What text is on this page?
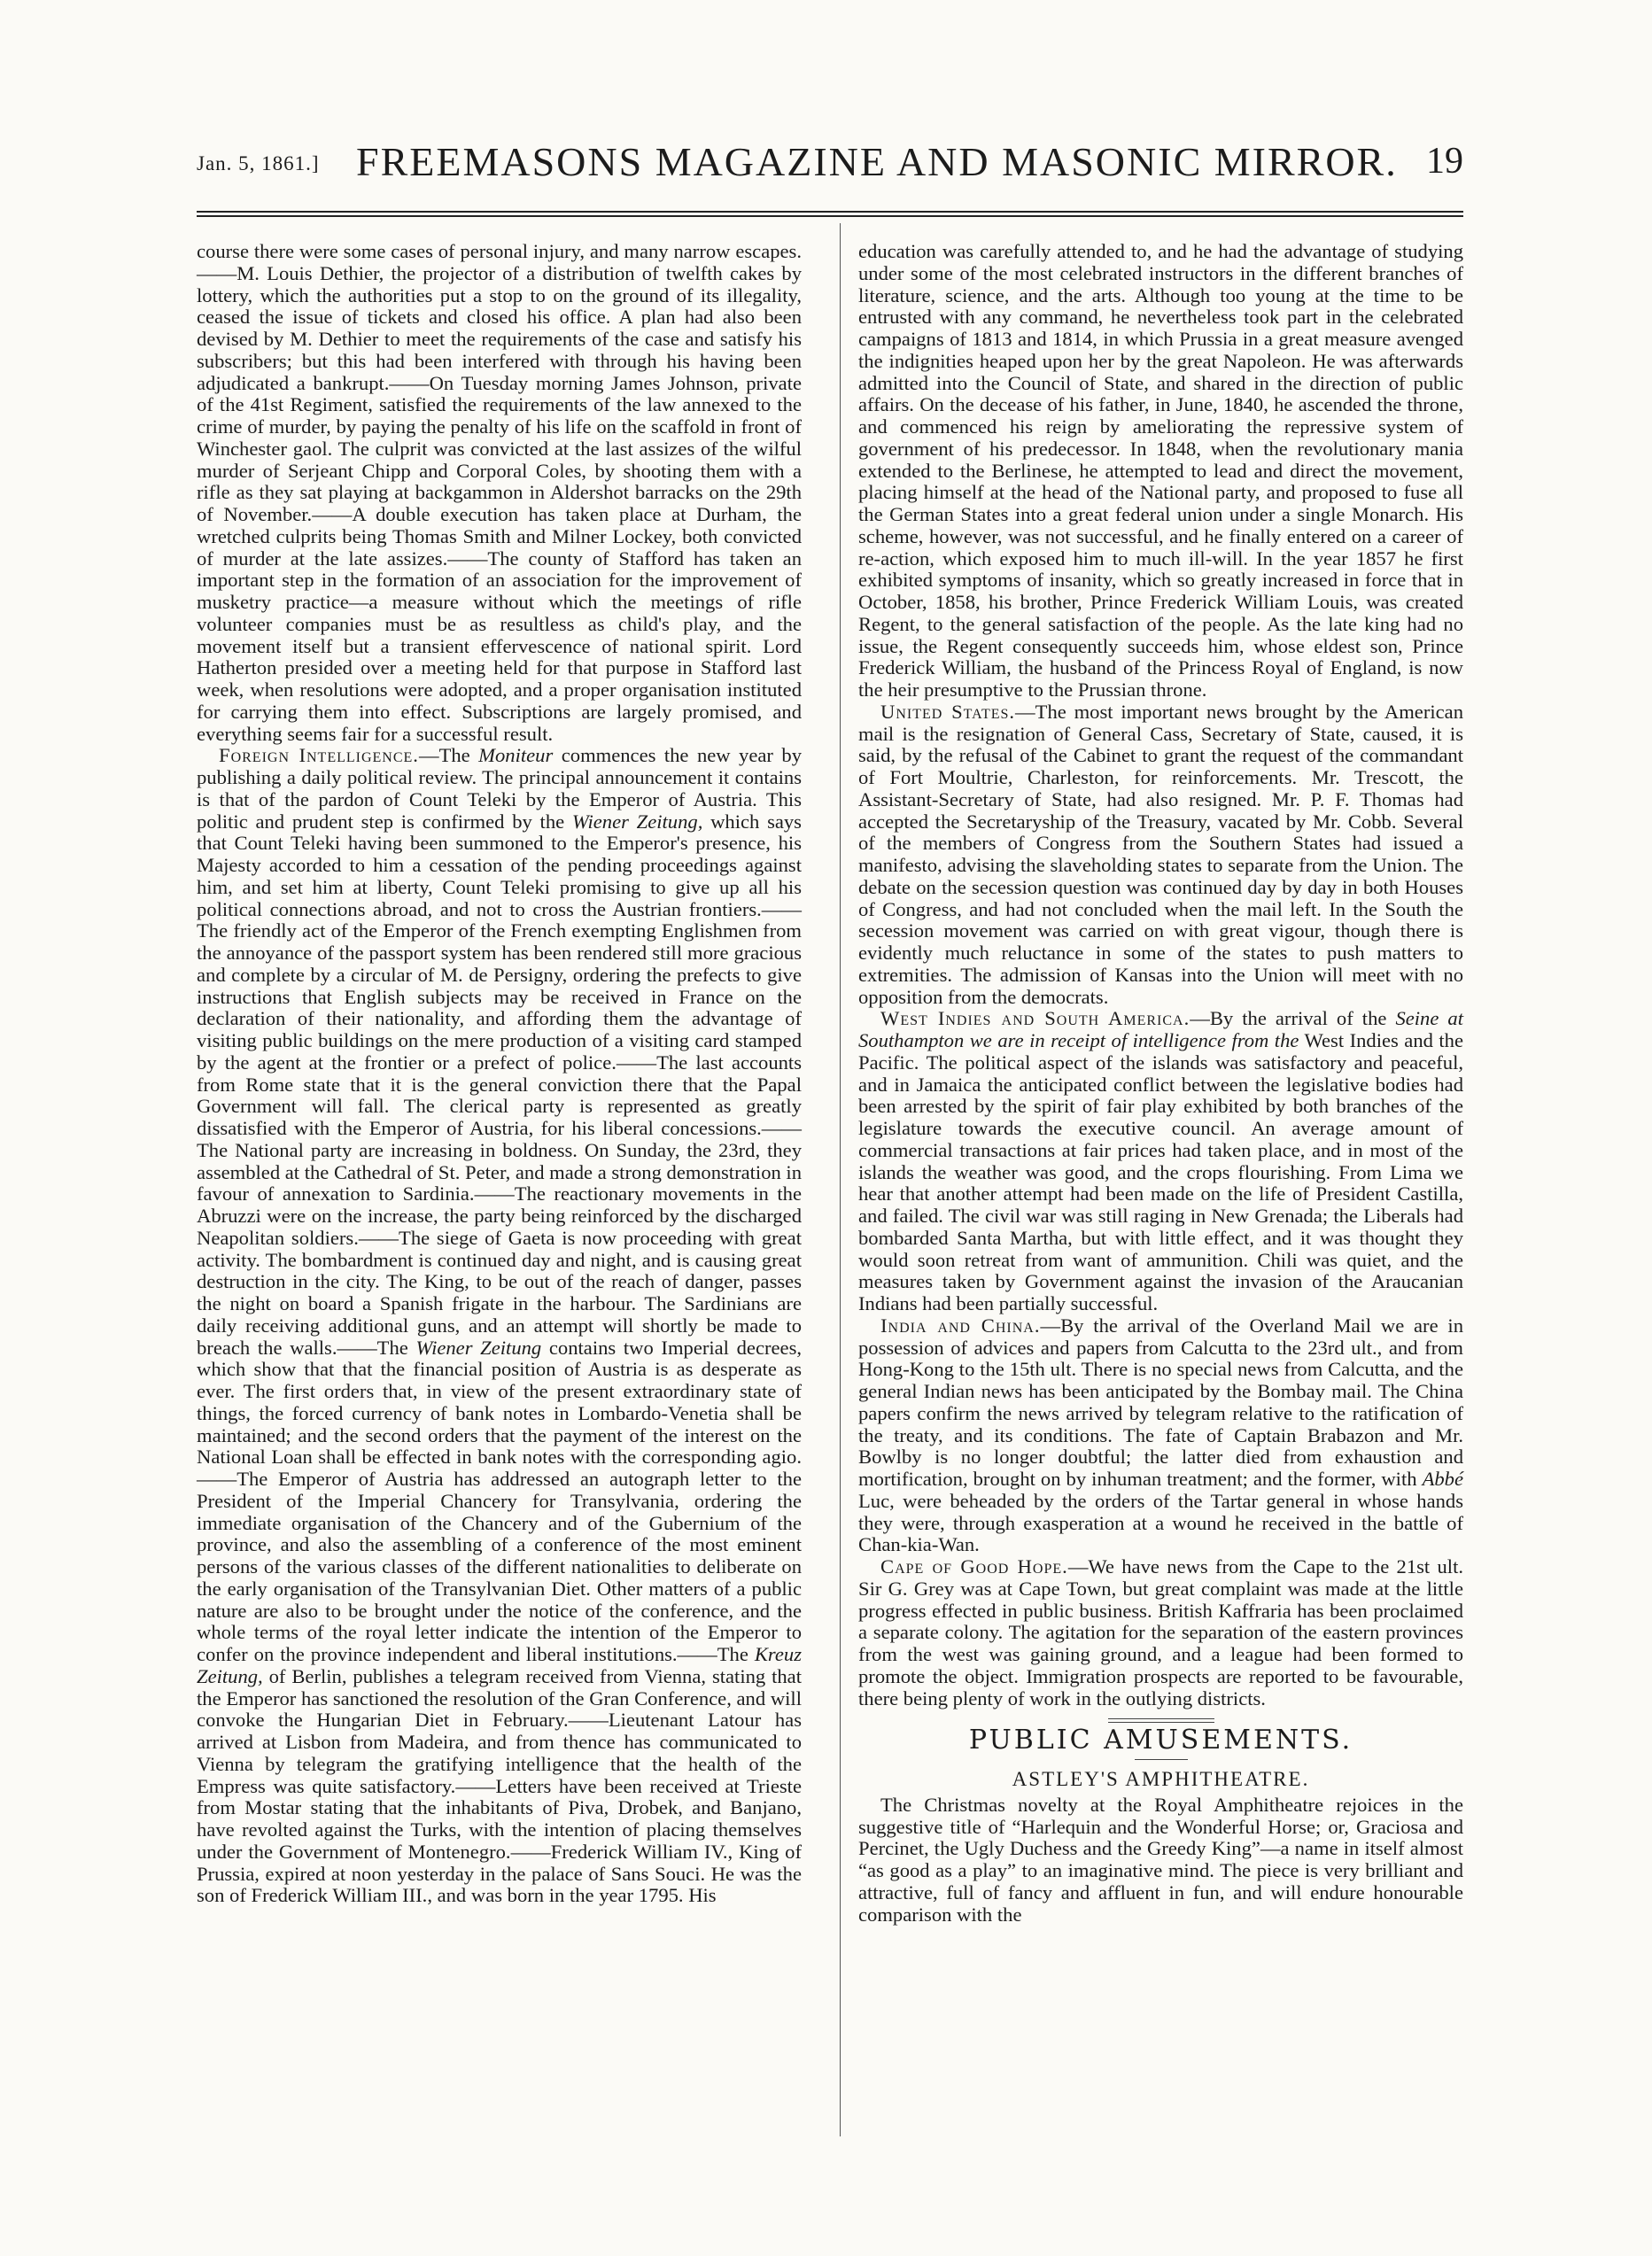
Jan. 5, 1861.] FREEMASONS MAGAZINE AND MASONIC MIRROR. 19

course there were some cases of personal injury, and many narrow escapes.——M. Louis Dethier, the projector of a distribution of twelfth cakes by lottery, which the authorities put a stop to on the ground of its illegality, ceased the issue of tickets and closed his office. A plan had also been devised by M. Dethier to meet the requirements of the case and satisfy his subscribers; but this had been interfered with through his having been adjudicated a bankrupt.——On Tuesday morning James Johnson, private of the 41st Regiment, satisfied the requirements of the law annexed to the crime of murder, by paying the penalty of his life on the scaffold in front of Winchester gaol. The culprit was convicted at the last assizes of the wilful murder of Serjeant Chipp and Corporal Coles, by shooting them with a rifle as they sat playing at backgammon in Aldershot barracks on the 29th of November.——A double execution has taken place at Durham, the wretched culprits being Thomas Smith and Milner Lockey, both convicted of murder at the late assizes.——The county of Stafford has taken an important step in the formation of an association for the improvement of musketry practice—a measure without which the meetings of rifle volunteer companies must be as resultless as child's play, and the movement itself but a transient effervescence of national spirit. Lord Hatherton presided over a meeting held for that purpose in Stafford last week, when resolutions were adopted, and a proper organisation instituted for carrying them into effect. Subscriptions are largely promised, and everything seems fair for a successful result.

Foreign Intelligence.—The Moniteur commences the new year by publishing a daily political review. The principal announcement it contains is that of the pardon of Count Teleki by the Emperor of Austria. This politic and prudent step is confirmed by the Wiener Zeitung, which says that Count Teleki having been summoned to the Emperor's presence, his Majesty accorded to him a cessation of the pending proceedings against him, and set him at liberty, Count Teleki promising to give up all his political connections abroad, and not to cross the Austrian frontiers.——The friendly act of the Emperor of the French exempting Englishmen from the annoyance of the passport system has been rendered still more gracious and complete by a circular of M. de Persigny, ordering the prefects to give instructions that English subjects may be received in France on the declaration of their nationality, and affording them the advantage of visiting public buildings on the mere production of a visiting card stamped by the agent at the frontier or a prefect of police.——The last accounts from Rome state that it is the general conviction there that the Papal Government will fall. The clerical party is represented as greatly dissatisfied with the Emperor of Austria, for his liberal concessions.——The National party are increasing in boldness. On Sunday, the 23rd, they assembled at the Cathedral of St. Peter, and made a strong demonstration in favour of annexation to Sardinia.——The reactionary movements in the Abruzzi were on the increase, the party being reinforced by the discharged Neapolitan soldiers.——The siege of Gaeta is now proceeding with great activity. The bombardment is continued day and night, and is causing great destruction in the city. The King, to be out of the reach of danger, passes the night on board a Spanish frigate in the harbour. The Sardinians are daily receiving additional guns, and an attempt will shortly be made to breach the walls.——The Wiener Zeitung contains two Imperial decrees, which show that that the financial position of Austria is as desperate as ever. The first orders that, in view of the present extraordinary state of things, the forced currency of bank notes in Lombardo-Venetia shall be maintained; and the second orders that the payment of the interest on the National Loan shall be effected in bank notes with the corresponding agio.——The Emperor of Austria has addressed an autograph letter to the President of the Imperial Chancery for Transylvania, ordering the immediate organisation of the Chancery and of the Gubernium of the province, and also the assembling of a conference of the most eminent persons of the various classes of the different nationalities to deliberate on the early organisation of the Transylvanian Diet. Other matters of a public nature are also to be brought under the notice of the conference, and the whole terms of the royal letter indicate the intention of the Emperor to confer on the province independent and liberal institutions.——The Kreuz Zeitung, of Berlin, publishes a telegram received from Vienna, stating that the Emperor has sanctioned the resolution of the Gran Conference, and will convoke the Hungarian Diet in February.——Lieutenant Latour has arrived at Lisbon from Madeira, and from thence has communicated to Vienna by telegram the gratifying intelligence that the health of the Empress was quite satisfactory.——Letters have been received at Trieste from Mostar stating that the inhabitants of Piva, Drobek, and Banjano, have revolted against the Turks, with the intention of placing themselves under the Government of Montenegro.——Frederick William IV., King of Prussia, expired at noon yesterday in the palace of Sans Souci. He was the son of Frederick William III., and was born in the year 1795. His

education was carefully attended to, and he had the advantage of studying under some of the most celebrated instructors in the different branches of literature, science, and the arts. Although too young at the time to be entrusted with any command, he nevertheless took part in the celebrated campaigns of 1813 and 1814, in which Prussia in a great measure avenged the indignities heaped upon her by the great Napoleon. He was afterwards admitted into the Council of State, and shared in the direction of public affairs. On the decease of his father, in June, 1840, he ascended the throne, and commenced his reign by ameliorating the repressive system of government of his predecessor. In 1848, when the revolutionary mania extended to the Berlinese, he attempted to lead and direct the movement, placing himself at the head of the National party, and proposed to fuse all the German States into a great federal union under a single Monarch. His scheme, however, was not successful, and he finally entered on a career of re-action, which exposed him to much ill-will. In the year 1857 he first exhibited symptoms of insanity, which so greatly increased in force that in October, 1858, his brother, Prince Frederick William Louis, was created Regent, to the general satisfaction of the people. As the late king had no issue, the Regent consequently succeeds him, whose eldest son, Prince Frederick William, the husband of the Princess Royal of England, is now the heir presumptive to the Prussian throne.

United States.—The most important news brought by the American mail is the resignation of General Cass, Secretary of State, caused, it is said, by the refusal of the Cabinet to grant the request of the commandant of Fort Moultrie, Charleston, for reinforcements. Mr. Trescott, the Assistant-Secretary of State, had also resigned. Mr. P. F. Thomas had accepted the Secretaryship of the Treasury, vacated by Mr. Cobb. Several of the members of Congress from the Southern States had issued a manifesto, advising the slaveholding states to separate from the Union. The debate on the secession question was continued day by day in both Houses of Congress, and had not concluded when the mail left. In the South the secession movement was carried on with great vigour, though there is evidently much reluctance in some of the states to push matters to extremities. The admission of Kansas into the Union will meet with no opposition from the democrats.

West Indies and South America.—By the arrival of the Seine at Southampton we are in receipt of intelligence from the West Indies and the Pacific. The political aspect of the islands was satisfactory and peaceful, and in Jamaica the anticipated conflict between the legislative bodies had been arrested by the spirit of fair play exhibited by both branches of the legislature towards the executive council. An average amount of commercial transactions at fair prices had taken place, and in most of the islands the weather was good, and the crops flourishing. From Lima we hear that another attempt had been made on the life of President Castilla, and failed. The civil war was still raging in New Grenada; the Liberals had bombarded Santa Martha, but with little effect, and it was thought they would soon retreat from want of ammunition. Chili was quiet, and the measures taken by Government against the invasion of the Araucanian Indians had been partially successful.

India and China.—By the arrival of the Overland Mail we are in possession of advices and papers from Calcutta to the 23rd ult., and from Hong-Kong to the 15th ult. There is no special news from Calcutta, and the general Indian news has been anticipated by the Bombay mail. The China papers confirm the news arrived by telegram relative to the ratification of the treaty, and its conditions. The fate of Captain Brabazon and Mr. Bowlby is no longer doubtful; the latter died from exhaustion and mortification, brought on by inhuman treatment; and the former, with Abbé Luc, were beheaded by the orders of the Tartar general in whose hands they were, through exasperation at a wound he received in the battle of Chan-kia-Wan.

Cape of Good Hope.—We have news from the Cape to the 21st ult. Sir G. Grey was at Cape Town, but great complaint was made at the little progress effected in public business. British Kaffraria has been proclaimed a separate colony. The agitation for the separation of the eastern provinces from the west was gaining ground, and a league had been formed to promote the object. Immigration prospects are reported to be favourable, there being plenty of work in the outlying districts.

PUBLIC AMUSEMENTS.
ASTLEY'S AMPHITHEATRE.

The Christmas novelty at the Royal Amphitheatre rejoices in the suggestive title of “Harlequin and the Wonderful Horse; or, Graciosa and Percinet, the Ugly Duchess and the Greedy King”—a name in itself almost “as good as a play” to an imaginative mind. The piece is very brilliant and attractive, full of fancy and affluent in fun, and will endure honourable comparison with the
